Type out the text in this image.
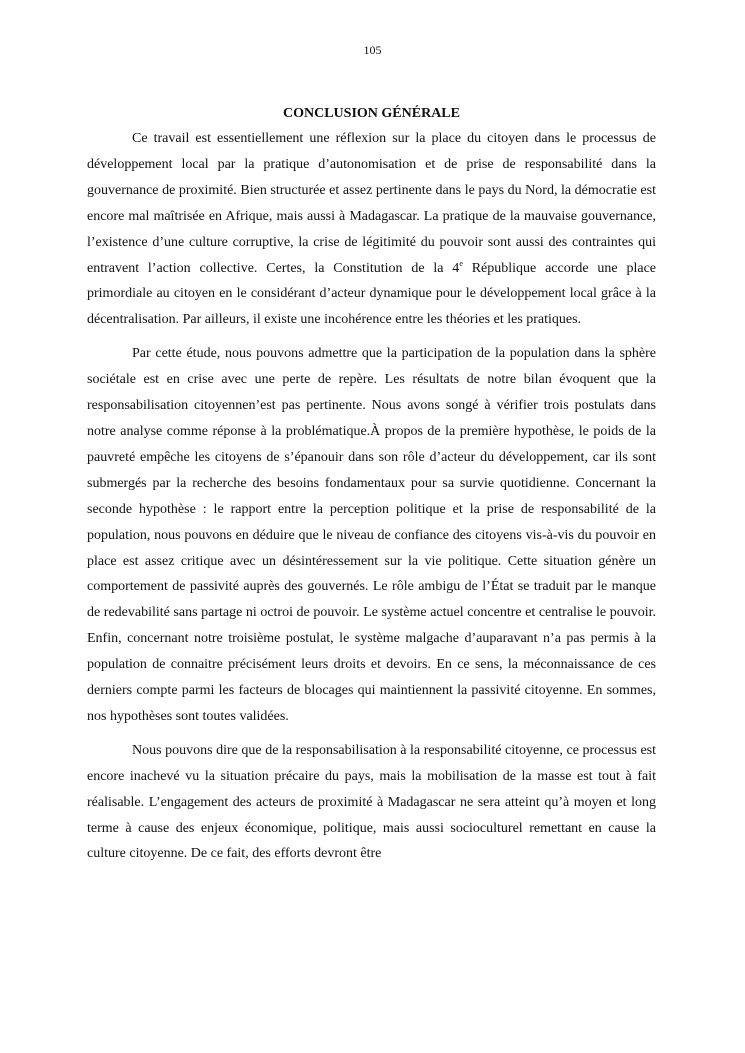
105
CONCLUSION GÉNÉRALE

Ce travail est essentiellement une réflexion sur la place du citoyen dans le processus de développement local par la pratique d’autonomisation et de prise de responsabilité dans la gouvernance de proximité. Bien structurée et assez pertinente dans le pays du Nord, la démocratie est encore mal maîtrisée en Afrique, mais aussi à Madagascar. La pratique de la mauvaise gouvernance, l’existence d’une culture corruptive, la crise de légitimité du pouvoir sont aussi des contraintes qui entravent l’action collective. Certes, la Constitution de la 4e République accorde une place primordiale au citoyen en le considérant d’acteur dynamique pour le développement local grâce à la décentralisation. Par ailleurs, il existe une incohérence entre les théories et les pratiques.

Par cette étude, nous pouvons admettre que la participation de la population dans la sphère sociétale est en crise avec une perte de repère. Les résultats de notre bilan évoquent que la responsabilisation citoyennen’est pas pertinente. Nous avons songé à vérifier trois postulats dans notre analyse comme réponse à la problématique.À propos de la première hypothèse, le poids de la pauvreté empêche les citoyens de s’épanouir dans son rôle d’acteur du développement, car ils sont submergés par la recherche des besoins fondamentaux pour sa survie quotidienne. Concernant la seconde hypothèse : le rapport entre la perception politique et la prise de responsabilité de la population, nous pouvons en déduire que le niveau de confiance des citoyens vis-à-vis du pouvoir en place est assez critique avec un désintéressement sur la vie politique. Cette situation génère un comportement de passivité auprès des gouvernés. Le rôle ambigu de l’État se traduit par le manque de redevabilité sans partage ni octroi de pouvoir. Le système actuel concentre et centralise le pouvoir. Enfin, concernant notre troisième postulat, le système malgache d’auparavant n’a pas permis à la population de connaitre précisément leurs droits et devoirs. En ce sens, la méconnaissance de ces derniers compte parmi les facteurs de blocages qui maintiennent la passivité citoyenne. En sommes, nos hypothèses sont toutes validées.

Nous pouvons dire que de la responsabilisation à la responsabilité citoyenne, ce processus est encore inachevé vu la situation précaire du pays, mais la mobilisation de la masse est tout à fait réalisable. L’engagement des acteurs de proximité à Madagascar ne sera atteint qu’à moyen et long terme à cause des enjeux économique, politique, mais aussi socioculturel remettant en cause la culture citoyenne. De ce fait, des efforts devront être
